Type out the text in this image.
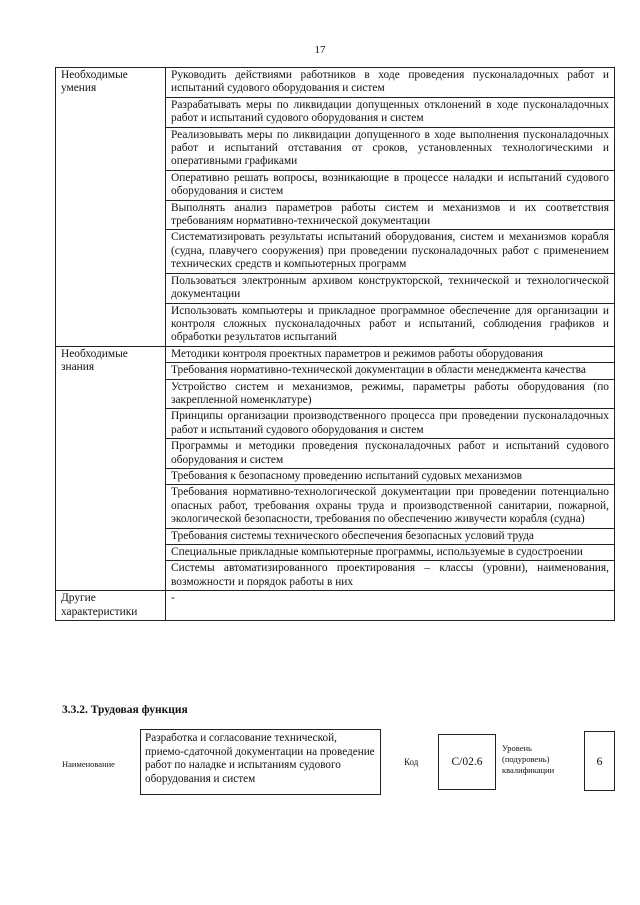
17
Необходимые умения	Руководить действиями работников в ходе проведения пусконаладочных работ и испытаний судового оборудования и систем
	Разрабатывать меры по ликвидации допущенных отклонений в ходе пусконаладочных работ и испытаний судового оборудования и систем
	Реализовывать меры по ликвидации допущенного в ходе выполнения пусконаладочных работ и испытаний отставания от сроков, установленных технологическими и оперативными графиками
	Оперативно решать вопросы, возникающие в процессе наладки и испытаний судового оборудования и систем
	Выполнять анализ параметров работы систем и механизмов и их соответствия требованиям нормативно-технической документации
	Систематизировать результаты испытаний оборудования, систем и механизмов корабля (судна, плавучего сооружения) при проведении пусконаладочных работ с применением технических средств и компьютерных программ
	Пользоваться электронным архивом конструкторской, технической и технологической документации
	Использовать компьютеры и прикладное программное обеспечение для организации и контроля сложных пусконаладочных работ и испытаний, соблюдения графиков и обработки результатов испытаний
Необходимые знания	Методики контроля проектных параметров и режимов работы оборудования
	Требования нормативно-технической документации в области менеджмента качества
	Устройство систем и механизмов, режимы, параметры работы оборудования (по закрепленной номенклатуре)
	Принципы организации производственного процесса при проведении пусконаладочных работ и испытаний судового оборудования и систем
	Программы и методики проведения пусконаладочных работ и испытаний судового оборудования и систем
	Требования к безопасному проведению испытаний судовых механизмов
	Требования нормативно-технологической документации при проведении потенциально опасных работ, требования охраны труда и производственной санитарии, пожарной, экологической безопасности, требования по обеспечению живучести корабля (судна)
	Требования системы технического обеспечения безопасных условий труда
	Специальные прикладные компьютерные программы, используемые в судостроении
	Системы автоматизированного проектирования – классы (уровни), наименования, возможности и порядок работы в них
Другие характеристики	-
3.3.2. Трудовая функция
Наименование
Разработка и согласование технической, приемо-сдаточной документации на проведение работ по наладке и испытаниям судового оборудования и систем
Код	C/02.6
Уровень (подуровень) квалификации
6
